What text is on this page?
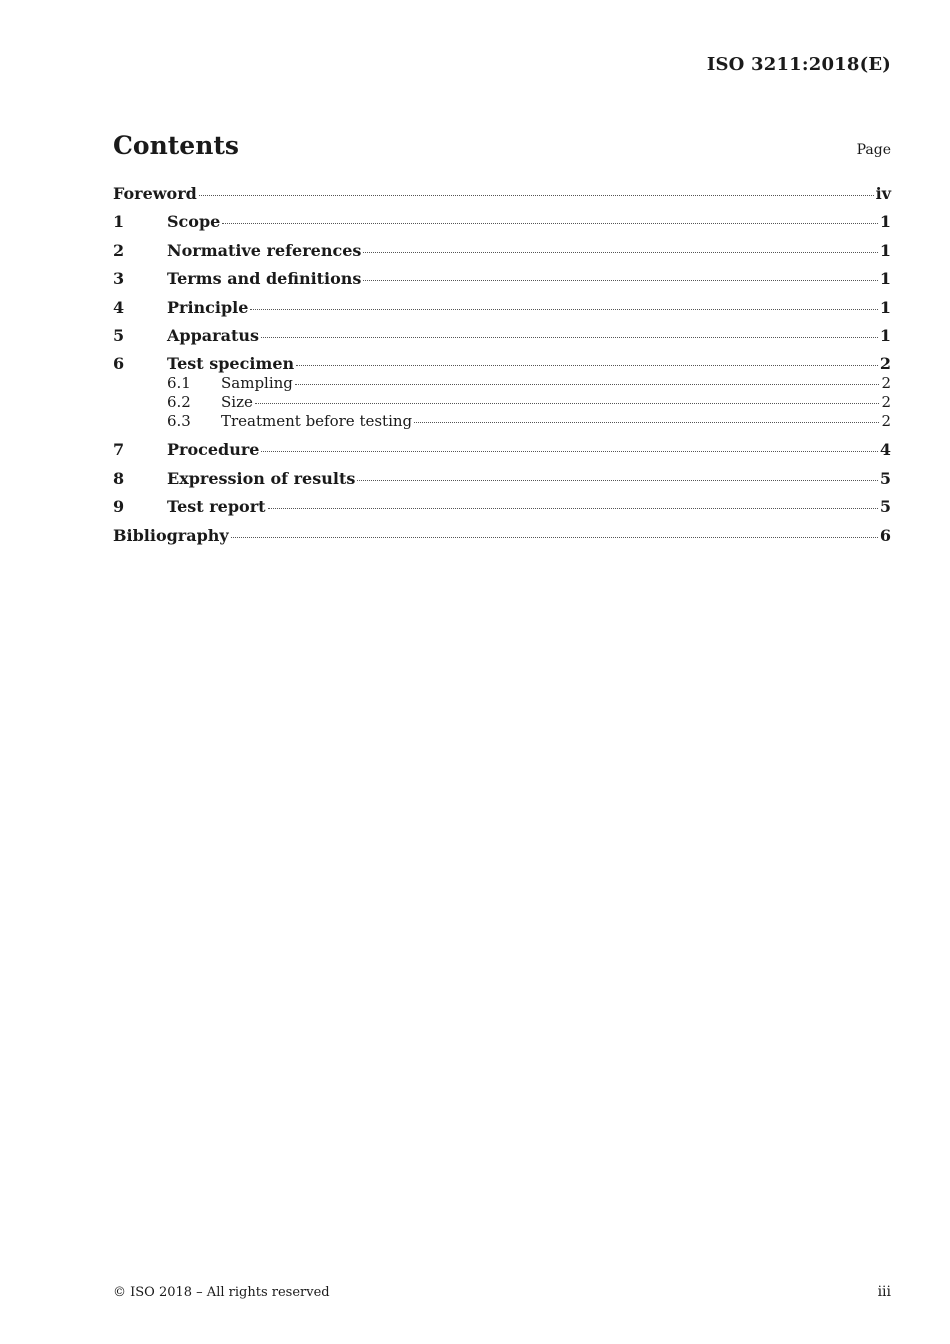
ISO 3211:2018(E)
Contents	Page
Foreword	iv
1	Scope	1
2	Normative references	1
3	Terms and definitions	1
4	Principle	1
5	Apparatus	1
6	Test specimen	2
6.1	Sampling	2
6.2	Size	2
6.3	Treatment before testing	2
7	Procedure	4
8	Expression of results	5
9	Test report	5
Bibliography	6
© ISO 2018 – All rights reserved	iii
